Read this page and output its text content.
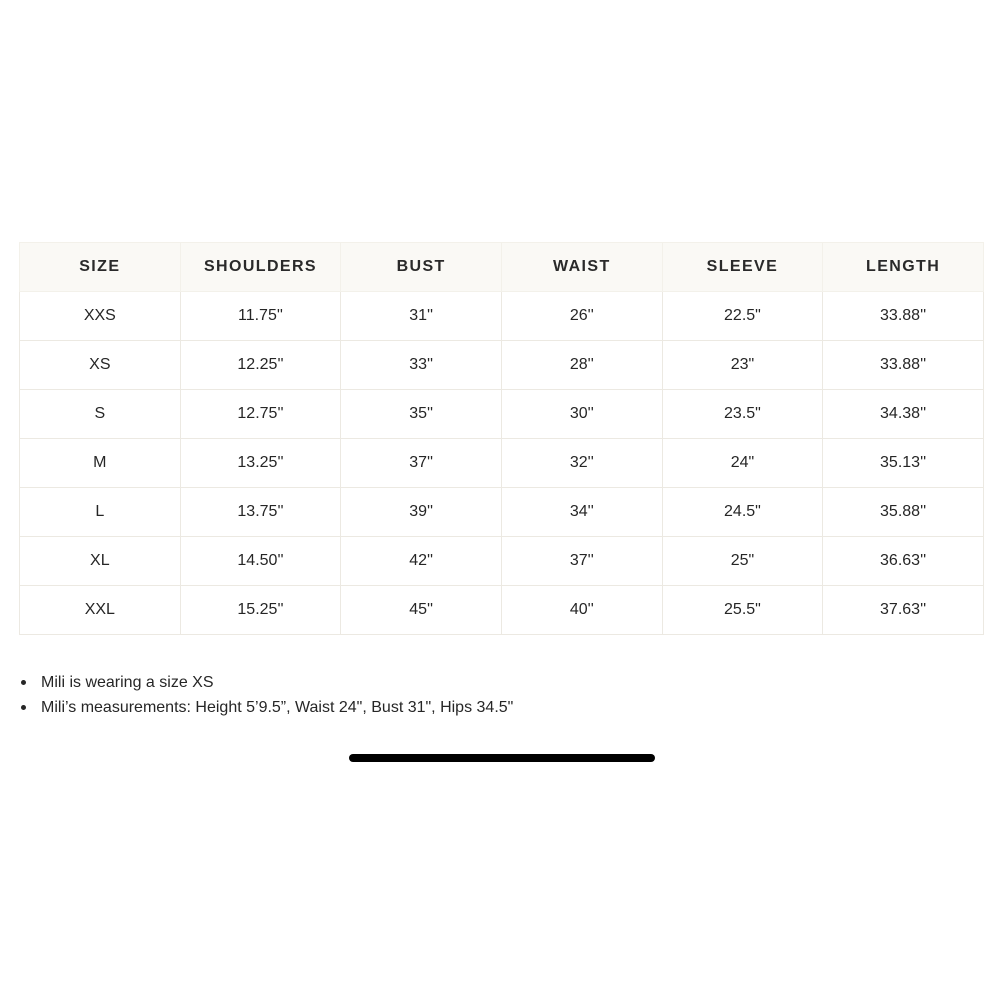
SIZE	SHOULDERS	BUST	WAIST	SLEEVE	LENGTH
XXS	11.75''	31''	26''	22.5"	33.88''
XS	12.25''	33''	28''	23"	33.88''
S	12.75''	35''	30''	23.5"	34.38''
M	13.25''	37''	32''	24"	35.13''
L	13.75''	39''	34''	24.5"	35.88''
XL	14.50''	42''	37''	25"	36.63''
XXL	15.25''	45''	40''	25.5"	37.63''
Mili is wearing a size XS
Mili’s measurements: Height 5’9.5”, Waist 24", Bust 31", Hips 34.5"
